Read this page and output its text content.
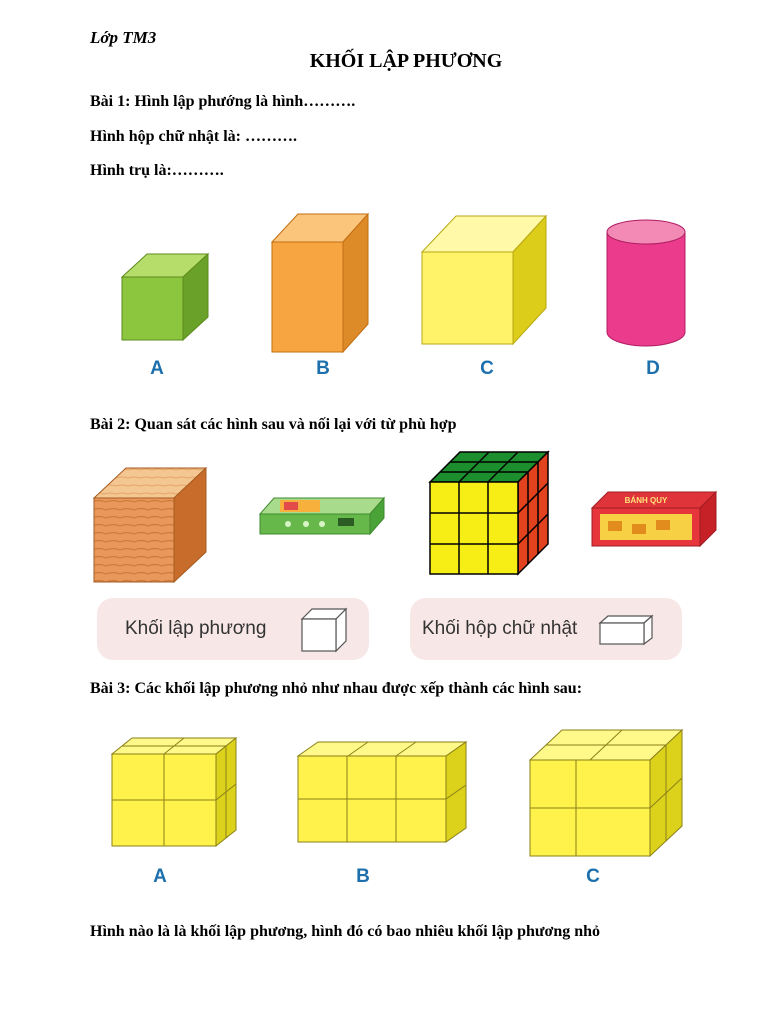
Lớp TM3
KHỐI LẬP PHƯƠNG
Bài 1: Hình lập phướng là hình……….
Hình hộp chữ nhật là: ……….
Hình trụ là:……….
A	B	C	D
Bài 2: Quan sát các hình sau và nối lại với từ phù hợp
BÁNH QUY
Khối lập phương	Khối hộp chữ nhật
Bài 3: Các khối lập phương nhỏ như nhau được xếp thành các hình sau:
A	B	C
Hình nào là là khối lập phương, hình đó có bao nhiêu khối lập phương nhỏ
